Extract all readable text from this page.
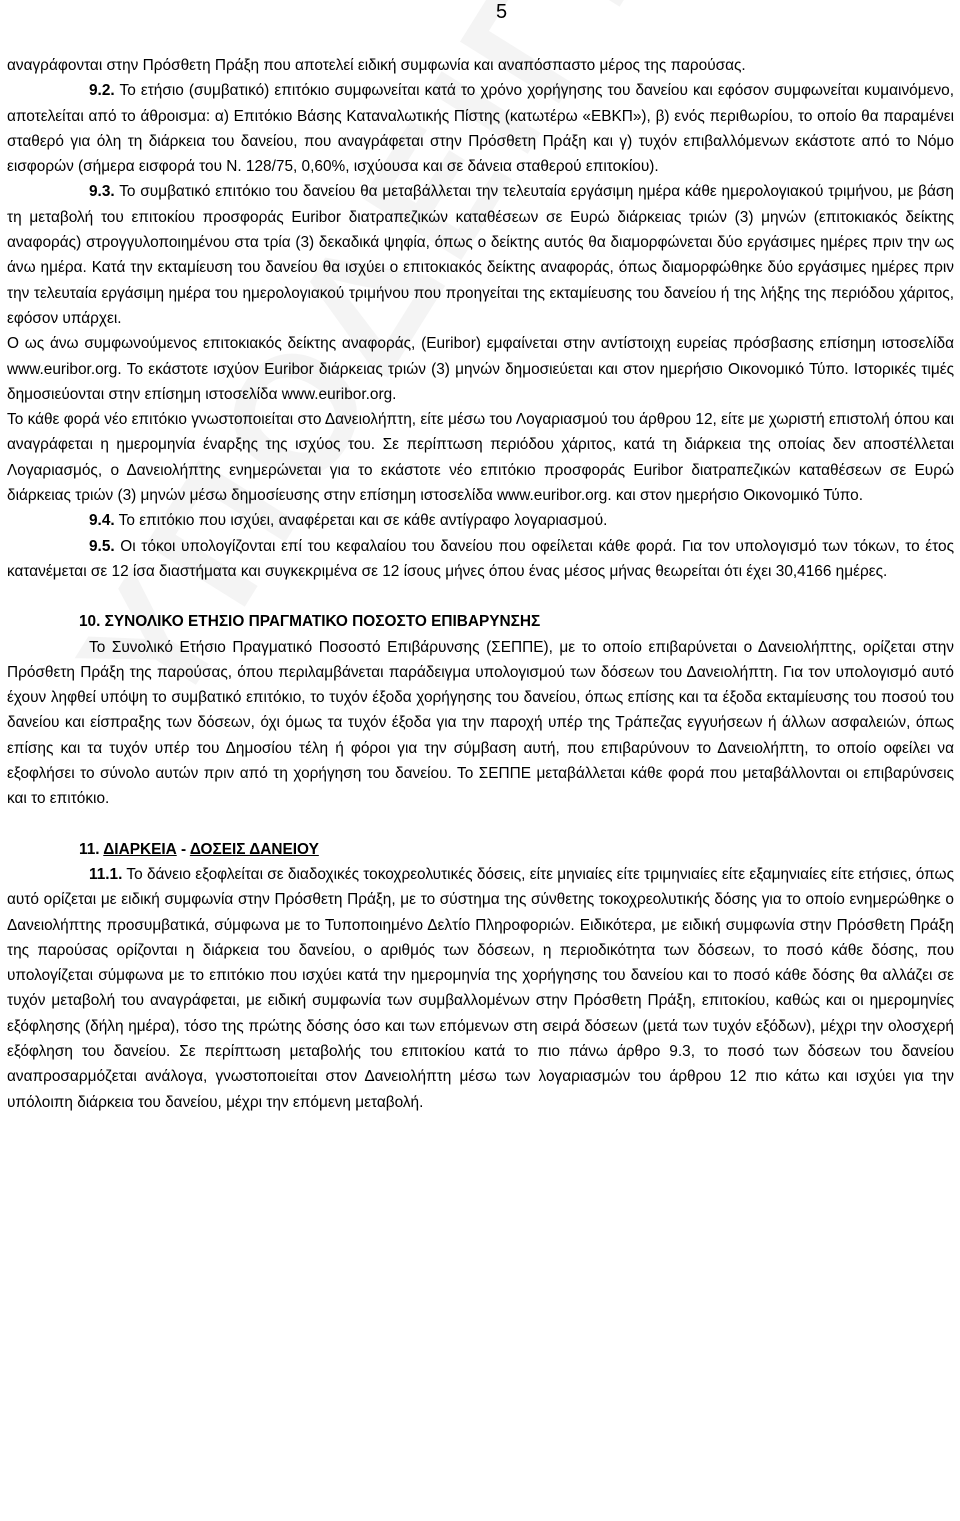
5

αναγράφονται στην Πρόσθετη Πράξη που αποτελεί ειδική συμφωνία και αναπόσπαστο μέρος της παρούσας.

9.2. Το ετήσιο (συμβατικό) επιτόκιο συμφωνείται κατά το χρόνο χορήγησης του δανείου και εφόσον συμφωνείται κυμαινόμενο, αποτελείται από το άθροισμα: α) Επιτόκιο Βάσης Καταναλωτικής Πίστης (κατωτέρω «ΕΒΚΠ»), β) ενός περιθωρίου, το οποίο θα παραμένει σταθερό για όλη τη διάρκεια του δανείου, που αναγράφεται στην Πρόσθετη Πράξη και γ) τυχόν επιβαλλόμενων εκάστοτε από το Νόμο εισφορών (σήμερα εισφορά του Ν. 128/75, 0,60%, ισχύουσα και σε δάνεια σταθερού επιτοκίου).

9.3. Το συμβατικό επιτόκιο του δανείου θα μεταβάλλεται την τελευταία εργάσιμη ημέρα κάθε ημερολογιακού τριμήνου, με βάση τη μεταβολή του επιτοκίου προσφοράς Euribor διατραπεζικών καταθέσεων σε Ευρώ διάρκειας τριών (3) μηνών (επιτοκιακός δείκτης αναφοράς) στρογγυλοποιημένου στα τρία (3) δεκαδικά ψηφία, όπως ο δείκτης αυτός θα διαμορφώνεται δύο εργάσιμες ημέρες πριν την ως άνω ημέρα. Κατά την εκταμίευση του δανείου θα ισχύει ο επιτοκιακός δείκτης αναφοράς, όπως διαμορφώθηκε δύο εργάσιμες ημέρες πριν την τελευταία εργάσιμη ημέρα του ημερολογιακού τριμήνου που προηγείται της εκταμίευσης του δανείου ή της λήξης της περιόδου χάριτος, εφόσον υπάρχει.

Ο ως άνω συμφωνούμενος επιτοκιακός δείκτης αναφοράς, (Euribor) εμφαίνεται στην αντίστοιχη ευρείας πρόσβασης επίσημη ιστοσελίδα www.euribor.org. Το εκάστοτε ισχύον Euribor διάρκειας τριών (3) μηνών δημοσιεύεται και στον ημερήσιο Οικονομικό Τύπο. Ιστορικές τιμές δημοσιεύονται στην επίσημη ιστοσελίδα www.euribor.org.

Το κάθε φορά νέο επιτόκιο γνωστοποιείται στο Δανειολήπτη, είτε μέσω του Λογαριασμού του άρθρου 12, είτε με χωριστή επιστολή όπου και αναγράφεται η ημερομηνία έναρξης της ισχύος του. Σε περίπτωση περιόδου χάριτος, κατά τη διάρκεια της οποίας δεν αποστέλλεται Λογαριασμός, ο Δανειολήπτης ενημερώνεται για το εκάστοτε νέο επιτόκιο προσφοράς Euribor διατραπεζικών καταθέσεων σε Ευρώ διάρκειας τριών (3) μηνών μέσω δημοσίευσης στην επίσημη ιστοσελίδα www.euribor.org. και στον ημερήσιο Οικονομικό Τύπο.

9.4. Το επιτόκιο που ισχύει, αναφέρεται και σε κάθε αντίγραφο λογαριασμού.

9.5. Οι τόκοι υπολογίζονται επί του κεφαλαίου του δανείου που οφείλεται κάθε φορά. Για τον υπολογισμό των τόκων, το έτος κατανέμεται σε 12 ίσα διαστήματα και συγκεκριμένα σε 12 ίσους μήνες όπου ένας μέσος μήνας θεωρείται ότι έχει 30,4166 ημέρες.

10. ΣΥΝΟΛΙΚΟ ΕΤΗΣΙΟ ΠΡΑΓΜΑΤΙΚΟ ΠΟΣΟΣΤΟ ΕΠΙΒΑΡΥΝΣΗΣ

Το Συνολικό Ετήσιο Πραγματικό Ποσοστό Επιβάρυνσης (ΣΕΠΠΕ), με το οποίο επιβαρύνεται ο Δανειολήπτης, ορίζεται στην Πρόσθετη Πράξη της παρούσας, όπου περιλαμβάνεται παράδειγμα υπολογισμού των δόσεων του Δανειολήπτη. Για τον υπολογισμό αυτό έχουν ληφθεί υπόψη το συμβατικό επιτόκιο, το τυχόν έξοδα χορήγησης του δανείου, όπως επίσης και τα έξοδα εκταμίευσης του ποσού του δανείου και είσπραξης των δόσεων, όχι όμως τα τυχόν έξοδα για την παροχή υπέρ της Τράπεζας εγγυήσεων ή άλλων ασφαλειών, όπως επίσης και τα τυχόν υπέρ του Δημοσίου τέλη ή φόροι για την σύμβαση αυτή, που επιβαρύνουν το Δανειολήπτη, το οποίο οφείλει να εξοφλήσει το σύνολο αυτών πριν από τη χορήγηση του δανείου. Το ΣΕΠΠΕ μεταβάλλεται κάθε φορά που μεταβάλλονται οι επιβαρύνσεις και το επιτόκιο.

11. ΔΙΑΡΚΕΙΑ - ΔΟΣΕΙΣ ΔΑΝΕΙΟΥ

11.1. Το δάνειο εξοφλείται σε διαδοχικές τοκοχρεολυτικές δόσεις, είτε μηνιαίες είτε τριμηνιαίες είτε εξαμηνιαίες είτε ετήσιες, όπως αυτό ορίζεται με ειδική συμφωνία στην Πρόσθετη Πράξη, με το σύστημα της σύνθετης τοκοχρεολυτικής δόσης για το οποίο ενημερώθηκε ο Δανειολήπτης προσυμβατικά, σύμφωνα με το Τυποποιημένο Δελτίο Πληροφοριών. Ειδικότερα, με ειδική συμφωνία στην Πρόσθετη Πράξη της παρούσας ορίζονται η διάρκεια του δανείου, ο αριθμός των δόσεων, η περιοδικότητα των δόσεων, το ποσό κάθε δόσης, που υπολογίζεται σύμφωνα με το επιτόκιο που ισχύει κατά την ημερομηνία της χορήγησης του δανείου και το ποσό κάθε δόσης θα αλλάζει σε τυχόν μεταβολή του αναγράφεται, με ειδική συμφωνία των συμβαλλομένων στην Πρόσθετη Πράξη, επιτοκίου, καθώς και οι ημερομηνίες εξόφλησης (δήλη ημέρα), τόσο της πρώτης δόσης όσο και των επόμενων στη σειρά δόσεων (μετά των τυχόν εξόδων), μέχρι την ολοσχερή εξόφληση του δανείου. Σε περίπτωση μεταβολής του επιτοκίου κατά το πιο πάνω άρθρο 9.3, το ποσό των δόσεων του δανείου αναπροσαρμόζεται ανάλογα, γνωστοποιείται στον Δανειολήπτη μέσω των λογαριασμών του άρθρου 12 πιο κάτω και ισχύει για την υπόλοιπη διάρκεια του δανείου, μέχρι την επόμενη μεταβολή.
